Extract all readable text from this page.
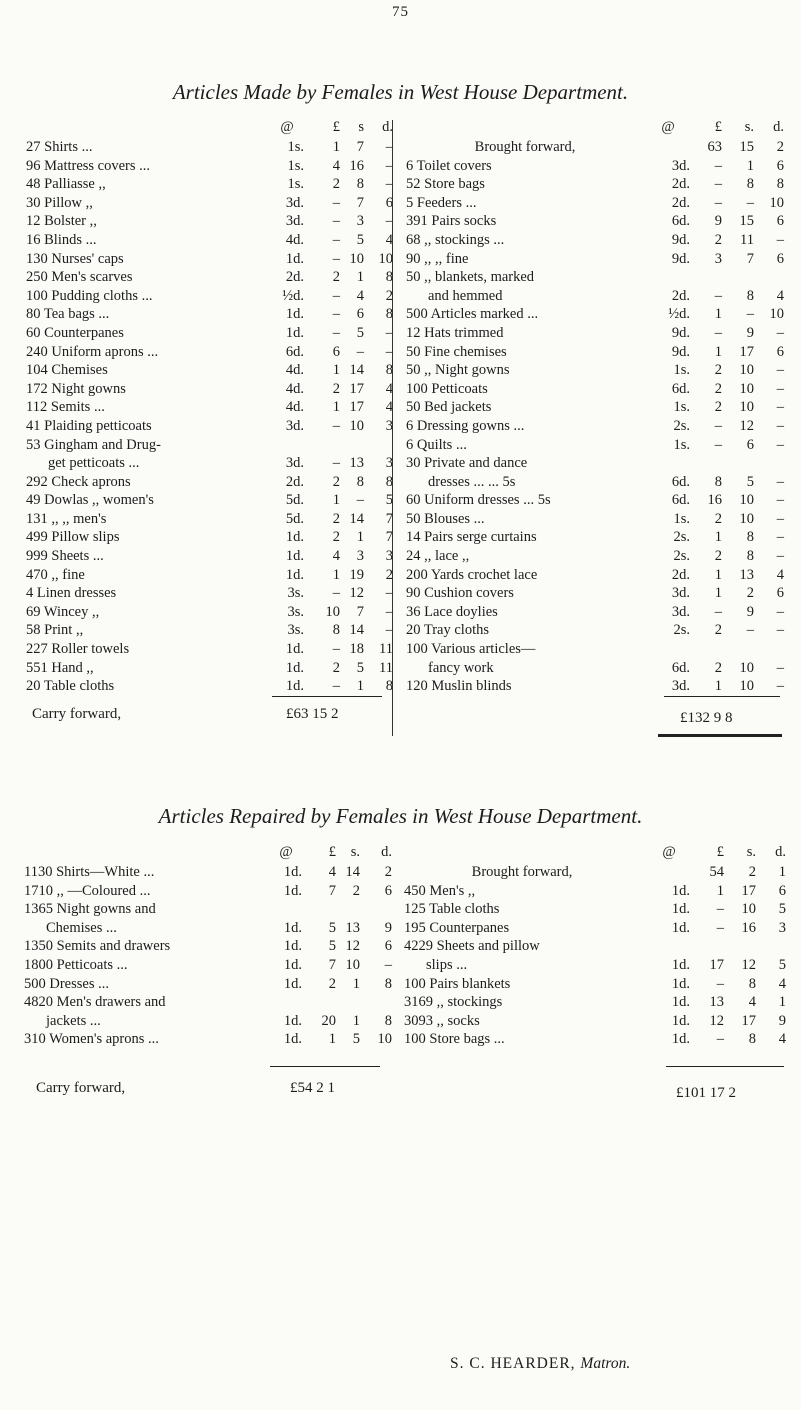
75
Articles Made by Females in West House Department.
@	£	s	d.
27 Shirts ...	1s.	1	7	–
96 Mattress covers ...	1s.	4 16	–
48 Palliasse ,,	1s.	2	8	–
30 Pillow ,,	3d.	–	7	6
12 Bolster ,,	3d.	–	3	–
16 Blinds ...	4d.	–	5	4
130 Nurses' caps	1d.	– 10	10
250 Men's scarves	2d.	2	1	8
100 Pudding cloths ...	½d.	–	4	2
80 Tea bags ...	1d.	–	6	8
60 Counterpanes	1d.	–	5	–
240 Uniform aprons ...	6d.	6	–	–
104 Chemises	4d.	1 14	8
172 Night gowns	4d.	2 17	4
112 Semits ...	4d.	1 17	4
41 Plaiding petticoats	3d.	– 10	3
53 Gingham and Drug-
get petticoats ...	3d.	– 13	3
292 Check aprons	2d.	2	8	8
49 Dowlas ,, women's	5d.	1	–	5
131 ,, ,, men's	5d.	2 14	7
499 Pillow slips	1d.	2	1	7
999 Sheets ...	1d.	4	3	3
470 ,, fine	1d.	1 19	2
4 Linen dresses	3s.	– 12	–
69 Wincey ,,	3s.	10	7	–
58 Print ,,	3s.	8 14	–
227 Roller towels	1d.	– 18	11
551 Hand ,,	1d.	2	5	11
20 Table cloths	1d.	–	1	8
Carry forward,	£63 15 2
@	£	s.	d.
Brought forward,	63	15	2
6 Toilet covers	3d.	–	1	6
52 Store bags	2d.	–	8	8
5 Feeders ...	2d.	–	–	10
391 Pairs socks	6d.	9	15	6
68 ,, stockings ...	9d.	2	11	–
90 ,, ,, fine	9d.	3	7	6
50 ,, blankets, marked
and hemmed	2d.	–	8	4
500 Articles marked ...	½d.	1	–	10
12 Hats trimmed	9d.	–	9	–
50 Fine chemises	9d.	1	17	6
50 ,, Night gowns	1s.	2	10	–
100 Petticoats	6d.	2	10	–
50 Bed jackets	1s.	2	10	–
6 Dressing gowns ...	2s.	–	12	–
6 Quilts ...	1s.	–	6	–
30 Private and dance
dresses ... ... 5s	6d.	8	5	–
60 Uniform dresses ... 5s	6d.	16	10	–
50 Blouses ...	1s.	2	10	–
14 Pairs serge curtains	2s.	1	8	–
24 ,, lace ,,	2s.	2	8	–
200 Yards crochet lace	2d.	1	13	4
90 Cushion covers	3d.	1	2	6
36 Lace doylies	3d.	–	9	–
20 Tray cloths	2s.	2	–	–
100 Various articles—
fancy work	6d.	2	10	–
120 Muslin blinds	3d.	1	10	–
£132 9 8
Articles Repaired by Females in West House Department.
@	£	s.	d.
1130 Shirts—White ...	1d.	4 14	2
1710 ,, —Coloured ...	1d.	7	2	6
1365 Night gowns and
Chemises ...	1d.	5 13	9
1350 Semits and drawers	1d.	5 12	6
1800 Petticoats ...	1d.	7 10	–
500 Dresses ...	1d.	2	1	8
4820 Men's drawers and
jackets ...	1d.	20	1	8
310 Women's aprons ...	1d.	1	5	10
Carry forward,	£54 2 1
@	£	s.	d.
Brought forward,	54	2	1
450 Men's ,,	1d.	1	17	6
125 Table cloths	1d.	–	10	5
195 Counterpanes	1d.	–	16	3
4229 Sheets and pillow
slips ...	1d.	17	12	5
100 Pairs blankets	1d.	–	8	4
3169 ,, stockings	1d.	13	4	1
3093 ,, socks	1d.	12	17	9
100 Store bags ...	1d.	–	8	4
£101 17 2
S. C. HEARDER, Matron.
